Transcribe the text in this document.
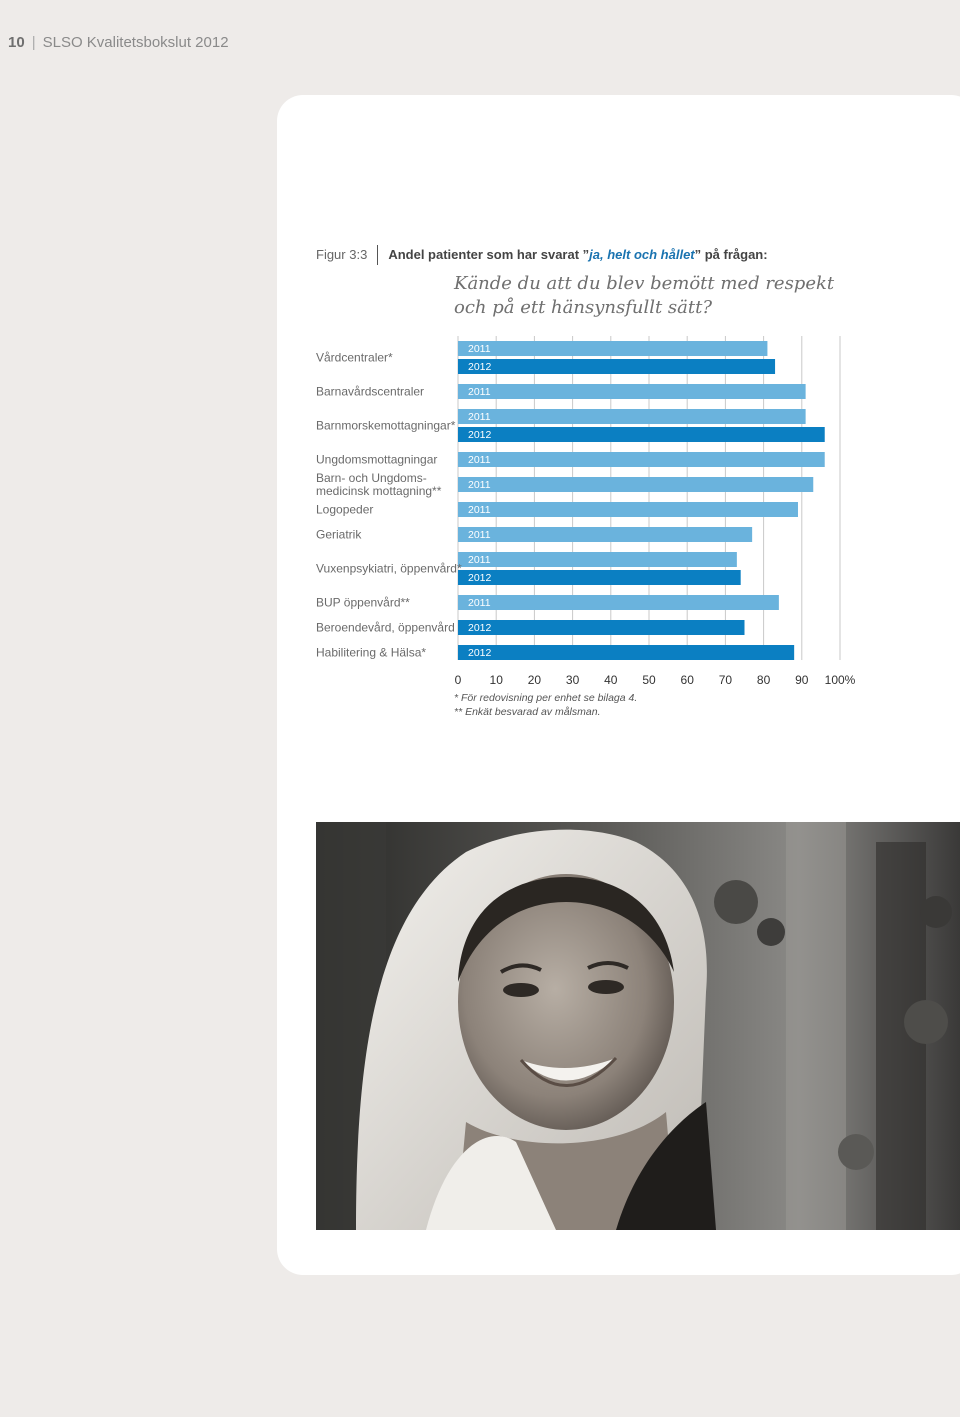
10 | SLSO Kvalitetsbokslut 2012
Figur 3:3 Andel patienter som har svarat ”ja, helt och hållet” på frågan:
Kände du att du blev bemött med respekt
och på ett hänsynsfullt sätt?
0 10 20 30 40 50 60 70 80 90 100%
2011
2012
Vårdcentraler*
2011
Barnavårdscentraler
2011
2012
Barnmorskemottagningar*
2011
Ungdomsmottagningar
2011
Barn- och Ungdoms-
medicinsk mottagning**
2011
Logopeder
2011
Geriatrik
2011
2012
Vuxenpsykiatri, öppenvård*
2011
BUP öppenvård**
2012
Beroendevård, öppenvård
2012
Habilitering & Hälsa*
* För redovisning per enhet se bilaga 4.
** Enkät besvarad av målsman.
